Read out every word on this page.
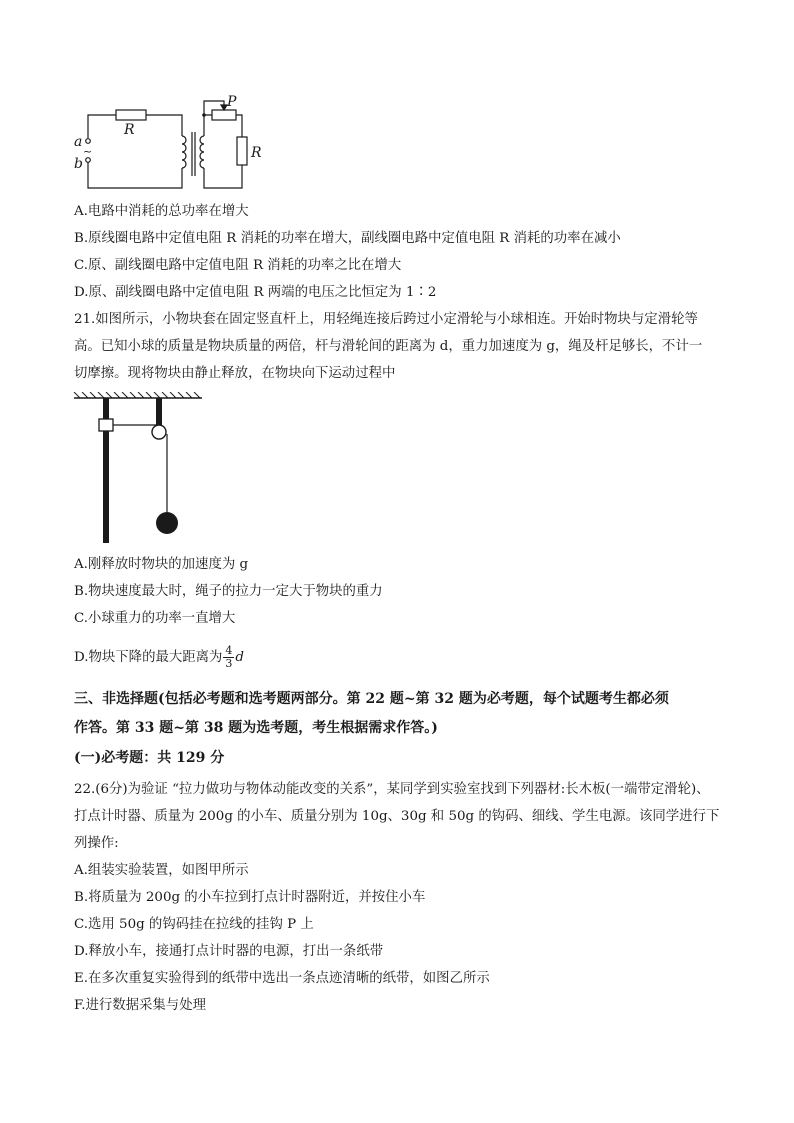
a
b
R
R
P
~
A.电路中消耗的总功率在增大
B.原线圈电路中定值电阻 R 消耗的功率在增大，副线圈电路中定值电阻 R 消耗的功率在减小
C.原、副线圈电路中定值电阻 R 消耗的功率之比在增大
D.原、副线圈电路中定值电阻 R 两端的电压之比恒定为 1∶2
21.如图所示，小物块套在固定竖直杆上，用轻绳连接后跨过小定滑轮与小球相连。开始时物块与定滑轮等
高。已知小球的质量是物块质量的两倍，杆与滑轮间的距离为 d，重力加速度为 g，绳及杆足够长，不计一
切摩擦。现将物块由静止释放，在物块向下运动过程中
A.刚释放时物块的加速度为 g
B.物块速度最大时，绳子的拉力一定大于物块的重力
C.小球重力的功率一直增大
D.物块下降的最大距离为 $\frac{4}{3}$ d
三、非选择题(包括必考题和选考题两部分。第 22 题~第 32 题为必考题，每个试题考生都必须
作答。第 33 题~第 38 题为选考题，考生根据需求作答。)
(一)必考题：共 129 分
22.(6分)为验证 “拉力做功与物体动能改变的关系”，某同学到实验室找到下列器材:长木板(一端带定滑轮)、
打点计时器、质量为 200g 的小车、质量分别为 10g、30g 和 50g 的钩码、细线、学生电源。该同学进行下
列操作:
A.组装实验装置，如图甲所示
B.将质量为 200g 的小车拉到打点计时器附近，并按住小车
C.选用 50g 的钩码挂在拉线的挂钩 P 上
D.释放小车，接通打点计时器的电源，打出一条纸带
E.在多次重复实验得到的纸带中选出一条点迹清晰的纸带，如图乙所示
F.进行数据采集与处理
